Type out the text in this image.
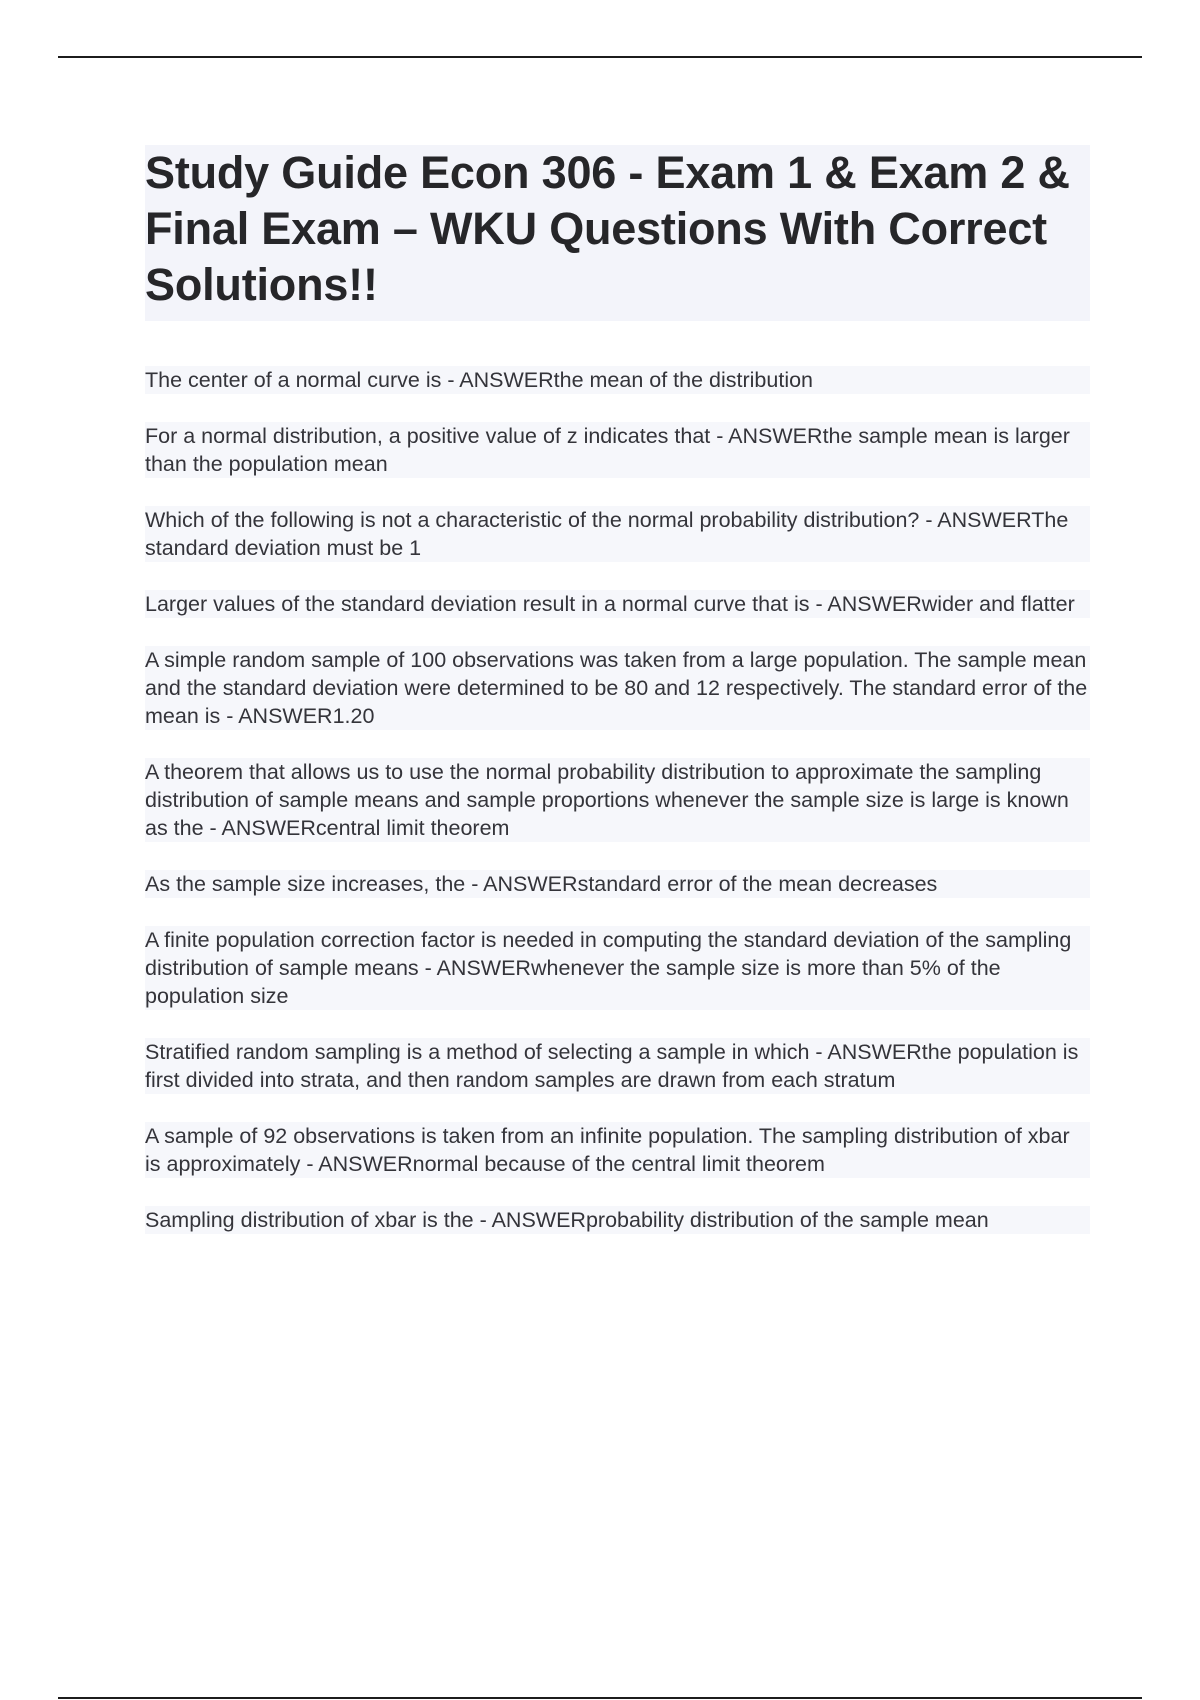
Study Guide Econ 306 - Exam 1 & Exam 2 & Final Exam – WKU Questions With Correct Solutions!!
The center of a normal curve is - ANSWERthe mean of the distribution For a normal distribution, a positive value of z indicates that - ANSWERthe sample mean is larger than the population mean Which of the following is not a characteristic of the normal probability distribution? - ANSWERThe standard deviation must be 1 Larger values of the standard deviation result in a normal curve that is - ANSWERwider and flatter A simple random sample of 100 observations was taken from a large population. The sample mean and the standard deviation were determined to be 80 and 12 respectively. The standard error of the mean is - ANSWER1.20 A theorem that allows us to use the normal probability distribution to approximate the sampling distribution of sample means and sample proportions whenever the sample size is large is known as the - ANSWERcentral limit theorem As the sample size increases, the - ANSWERstandard error of the mean decreases A finite population correction factor is needed in computing the standard deviation of the sampling distribution of sample means - ANSWERwhenever the sample size is more than 5% of the population size Stratified random sampling is a method of selecting a sample in which - ANSWERthe population is first divided into strata, and then random samples are drawn from each stratum A sample of 92 observations is taken from an infinite population. The sampling distribution of xbar is approximately - ANSWERnormal because of the central limit theorem Sampling distribution of xbar is the - ANSWERprobability distribution of the sample mean
